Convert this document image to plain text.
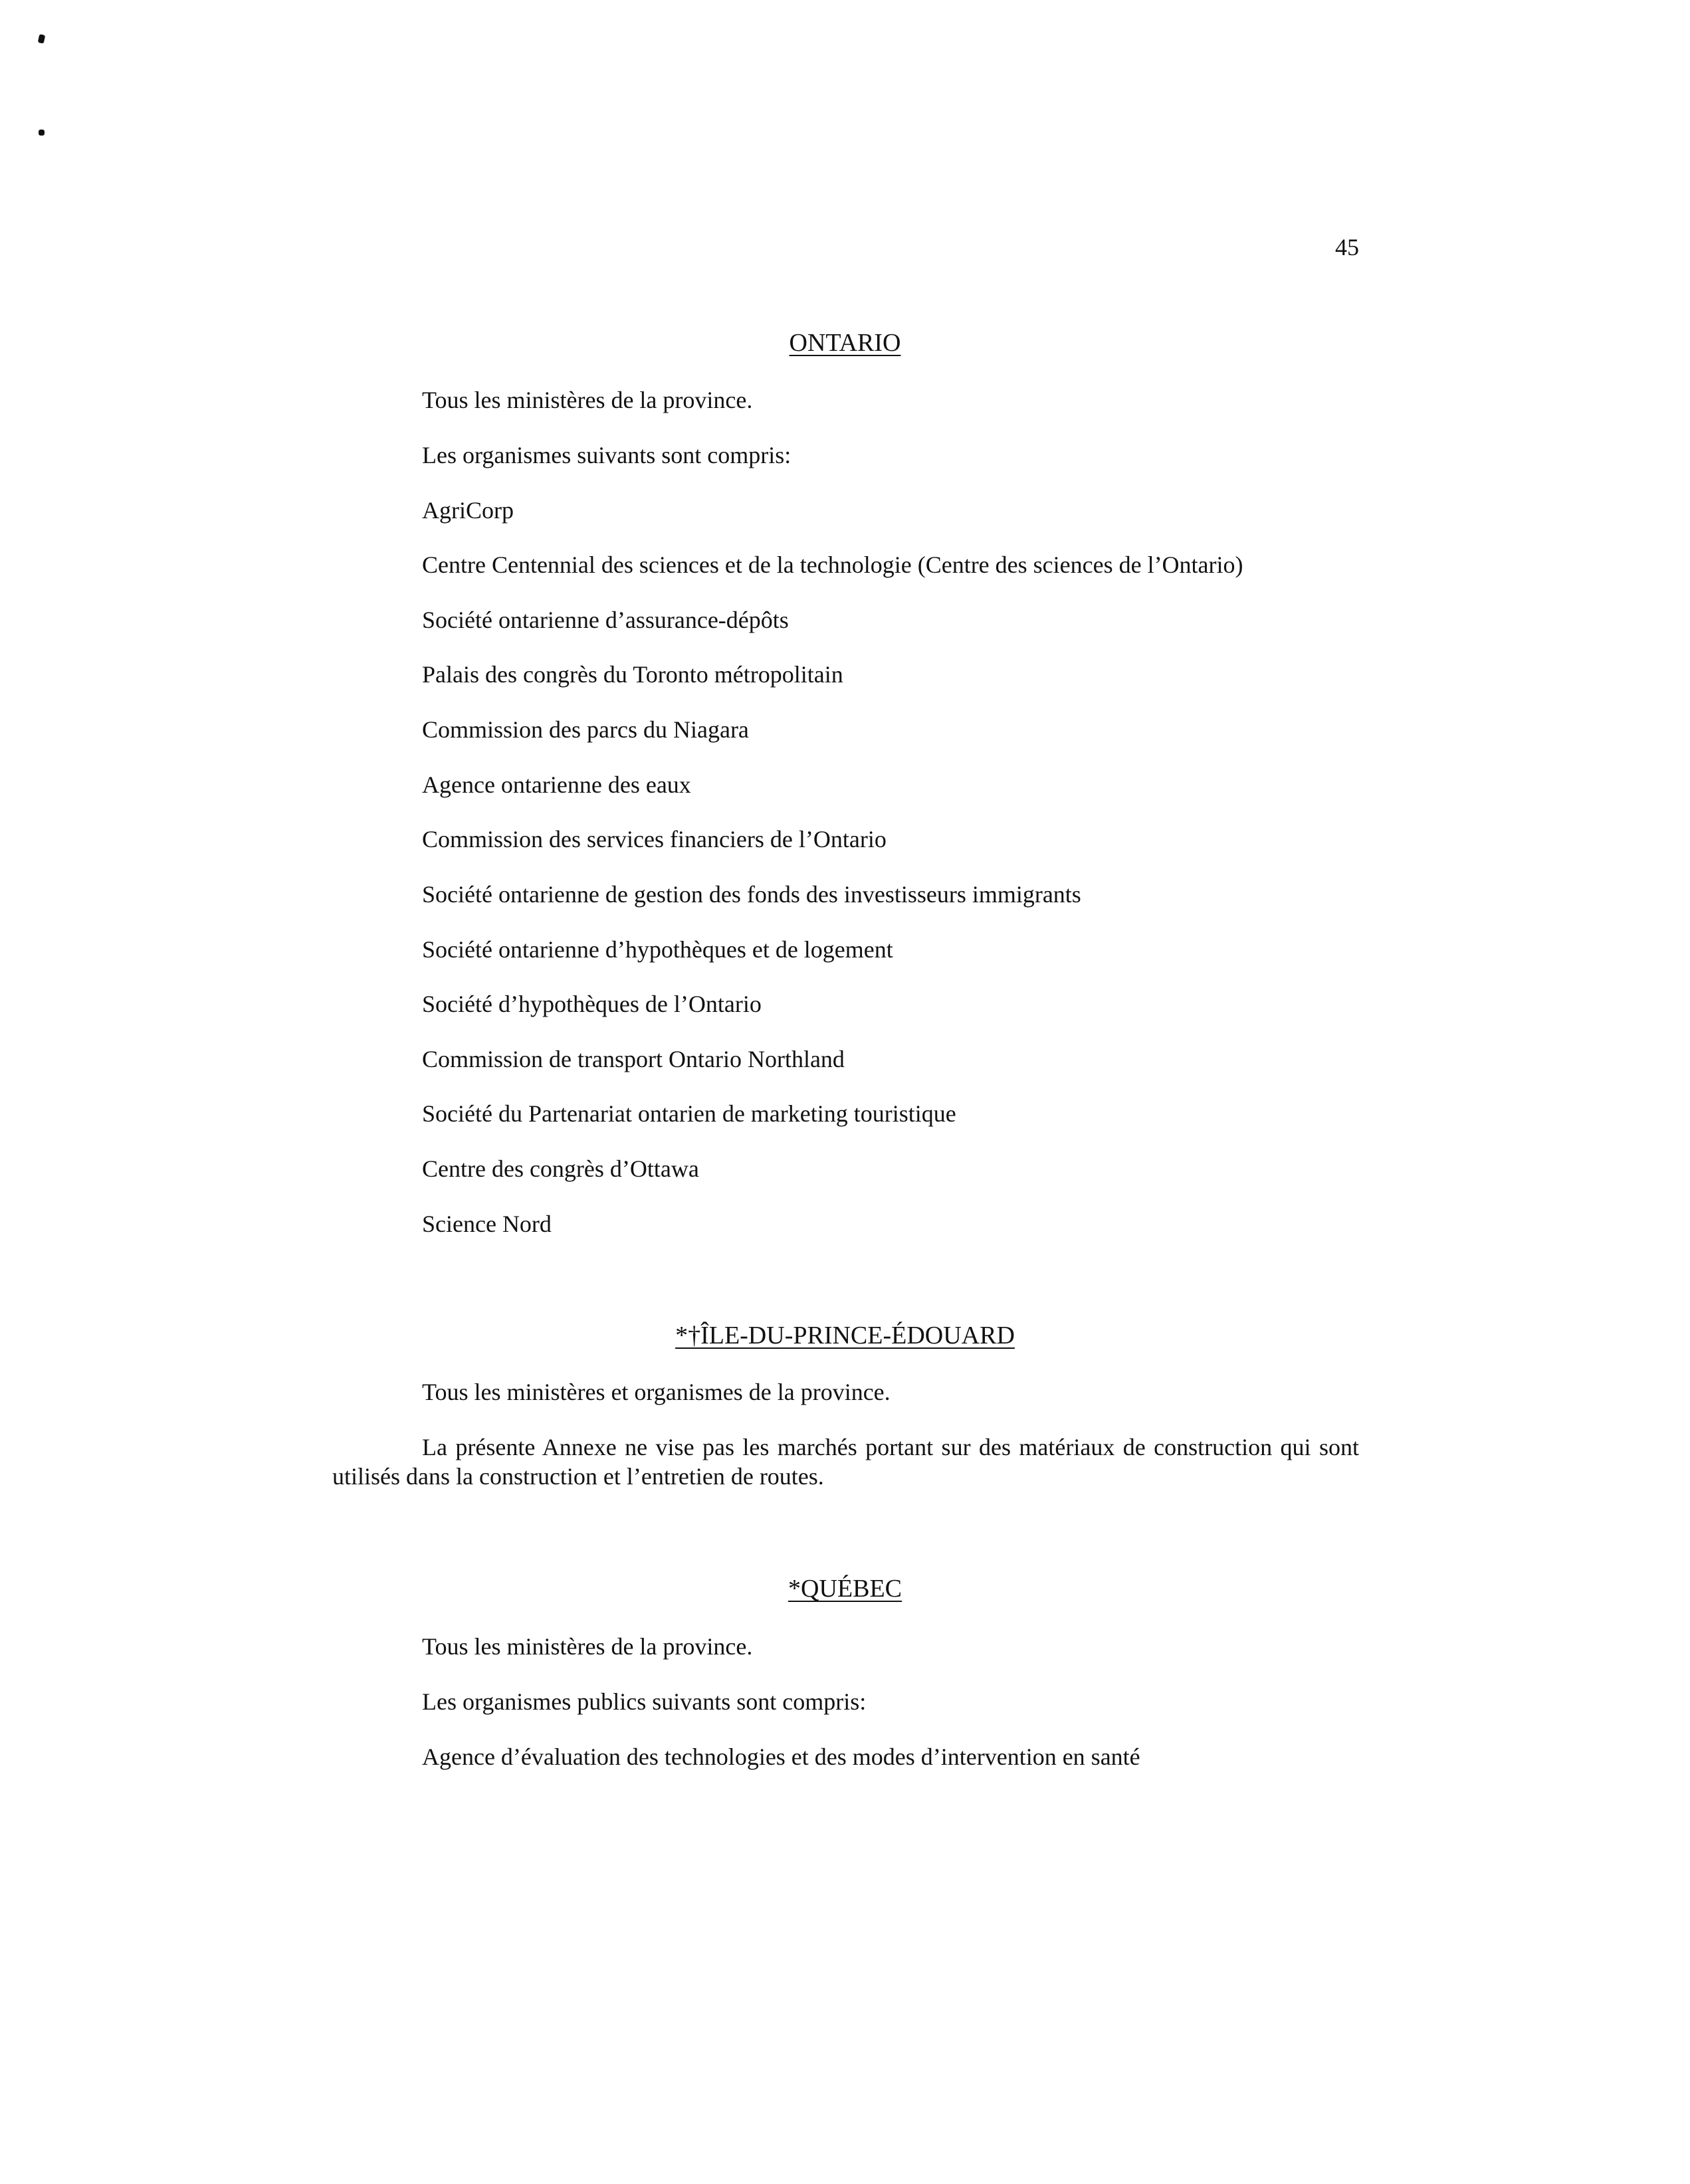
45
ONTARIO
Tous les ministères de la province.
Les organismes suivants sont compris:
AgriCorp
Centre Centennial des sciences et de la technologie (Centre des sciences de l’Ontario)
Société ontarienne d’assurance-dépôts
Palais des congrès du Toronto métropolitain
Commission des parcs du Niagara
Agence ontarienne des eaux
Commission des services financiers de l’Ontario
Société ontarienne de gestion des fonds des investisseurs immigrants
Société ontarienne d’hypothèques et de logement
Société d’hypothèques de l’Ontario
Commission de transport Ontario Northland
Société du Partenariat ontarien de marketing touristique
Centre des congrès d’Ottawa
Science Nord
*†ÎLE-DU-PRINCE-ÉDOUARD
Tous les ministères et organismes de la province.
La présente Annexe ne vise pas les marchés portant sur des matériaux de construction qui sont utilisés dans la construction et l’entretien de routes.
*QUÉBEC
Tous les ministères de la province.
Les organismes publics suivants sont compris:
Agence d’évaluation des technologies et des modes d’intervention en santé
